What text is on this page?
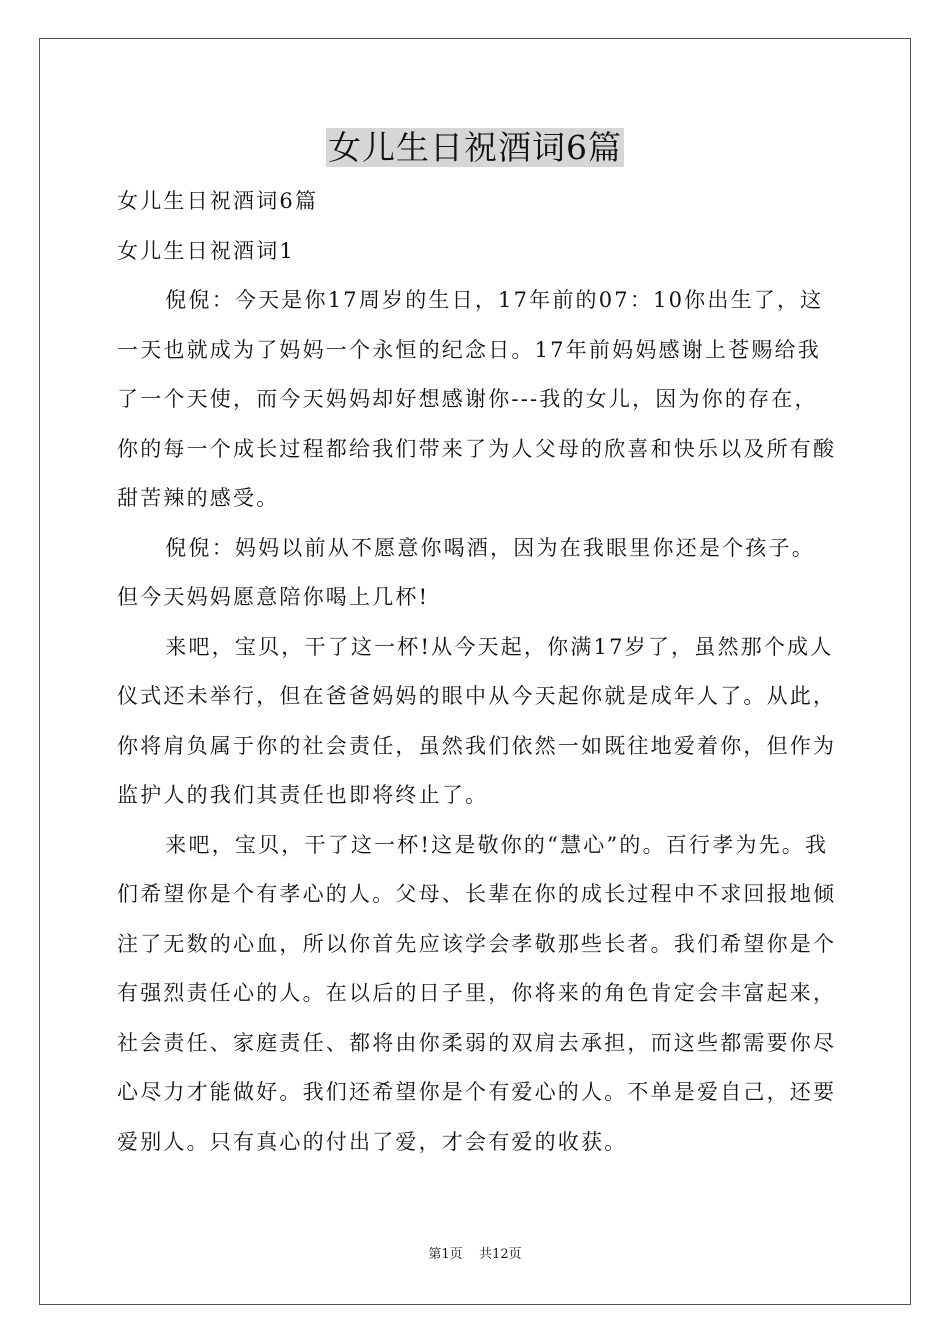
女儿生日祝酒词6篇

女儿生日祝酒词6篇

女儿生日祝酒词1

倪倪：今天是你17周岁的生日，17年前的07：10你出生了，这一天也就成为了妈妈一个永恒的纪念日。17年前妈妈感谢上苍赐给我了一个天使，而今天妈妈却好想感谢你---我的女儿，因为你的存在，你的每一个成长过程都给我们带来了为人父母的欣喜和快乐以及所有酸甜苦辣的感受。

倪倪：妈妈以前从不愿意你喝酒，因为在我眼里你还是个孩子。但今天妈妈愿意陪你喝上几杯!

来吧，宝贝，干了这一杯!从今天起，你满17岁了，虽然那个成人仪式还未举行，但在爸爸妈妈的眼中从今天起你就是成年人了。从此，你将肩负属于你的社会责任，虽然我们依然一如既往地爱着你，但作为监护人的我们其责任也即将终止了。

来吧，宝贝，干了这一杯!这是敬你的“慧心”的。百行孝为先。我们希望你是个有孝心的人。父母、长辈在你的成长过程中不求回报地倾注了无数的心血，所以你首先应该学会孝敬那些长者。我们希望你是个有强烈责任心的人。在以后的日子里，你将来的角色肯定会丰富起来，社会责任、家庭责任、都将由你柔弱的双肩去承担，而这些都需要你尽心尽力才能做好。我们还希望你是个有爱心的人。不单是爱自己，还要爱别人。只有真心的付出了爱，才会有爱的收获。

第1页 共12页
